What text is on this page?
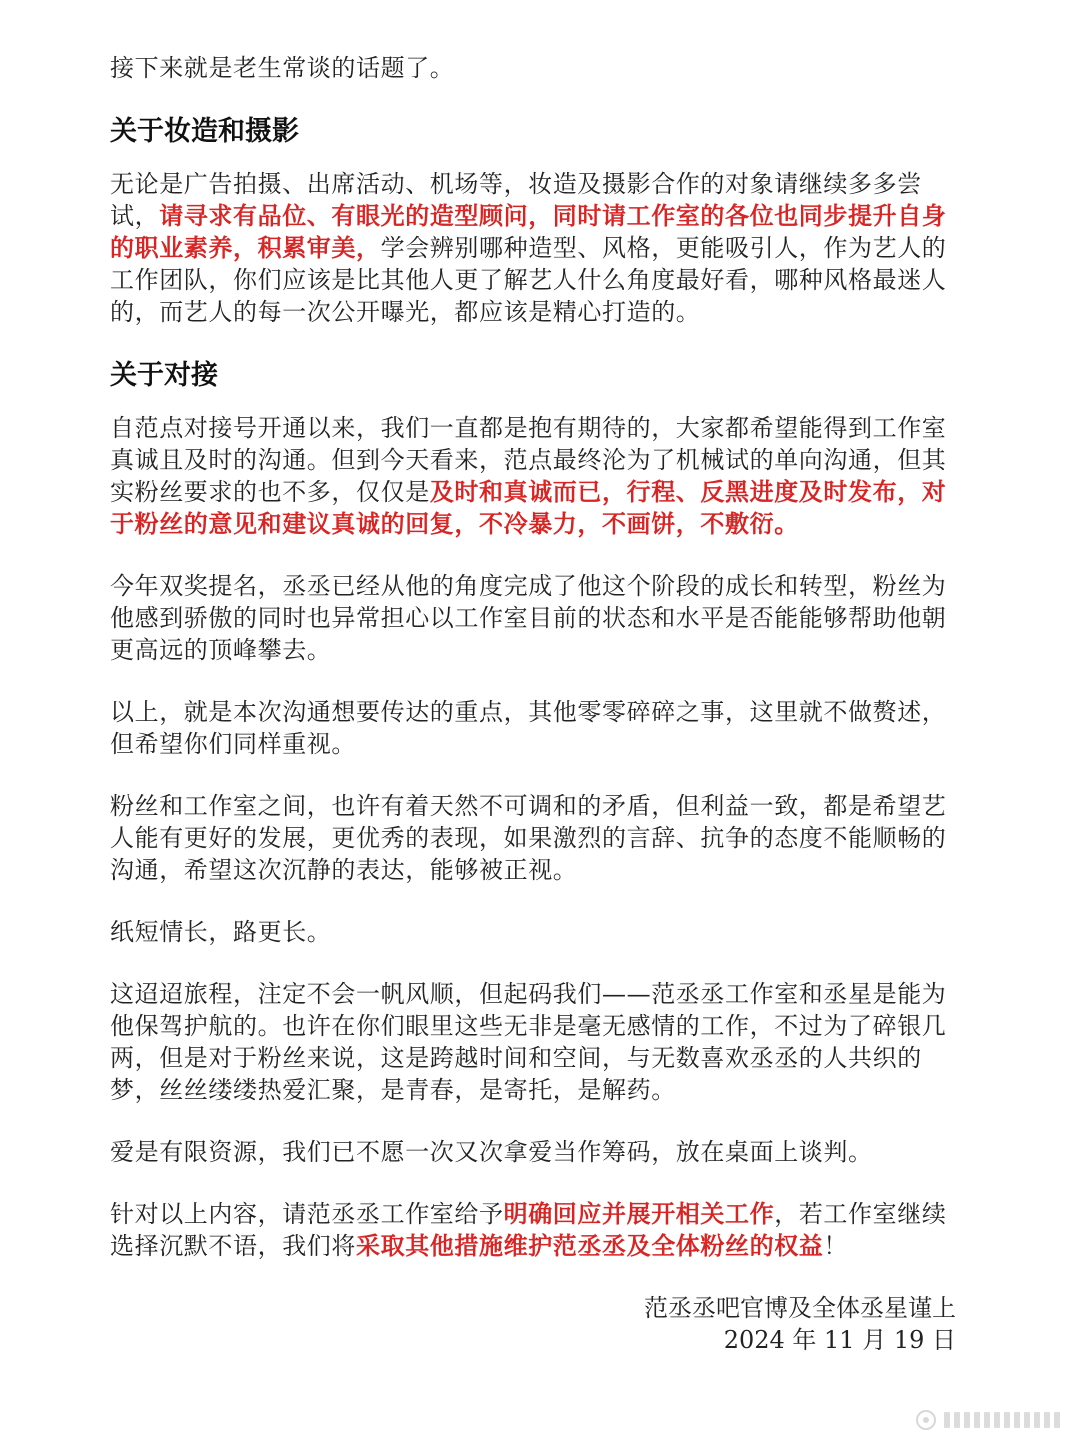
接下来就是老生常谈的话题了。

关于妆造和摄影

无论是广告拍摄、出席活动、机场等，妆造及摄影合作的对象请继续多多尝试，请寻求有品位、有眼光的造型顾问，同时请工作室的各位也同步提升自身的职业素养，积累审美，学会辨别哪种造型、风格，更能吸引人，作为艺人的工作团队，你们应该是比其他人更了解艺人什么角度最好看，哪种风格最迷人的，而艺人的每一次公开曝光，都应该是精心打造的。

关于对接

自范点对接号开通以来，我们一直都是抱有期待的，大家都希望能得到工作室真诚且及时的沟通。但到今天看来，范点最终沦为了机械试的单向沟通，但其实粉丝要求的也不多，仅仅是及时和真诚而已，行程、反黑进度及时发布，对于粉丝的意见和建议真诚的回复，不冷暴力，不画饼，不敷衍。

今年双奖提名，丞丞已经从他的角度完成了他这个阶段的成长和转型，粉丝为他感到骄傲的同时也异常担心以工作室目前的状态和水平是否能能够帮助他朝更高远的顶峰攀去。

以上，就是本次沟通想要传达的重点，其他零零碎碎之事，这里就不做赘述，但希望你们同样重视。

粉丝和工作室之间，也许有着天然不可调和的矛盾，但利益一致，都是希望艺人能有更好的发展，更优秀的表现，如果激烈的言辞、抗争的态度不能顺畅的沟通，希望这次沉静的表达，能够被正视。

纸短情长，路更长。

这迢迢旅程，注定不会一帆风顺，但起码我们——范丞丞工作室和丞星是能为他保驾护航的。也许在你们眼里这些无非是毫无感情的工作，不过为了碎银几两，但是对于粉丝来说，这是跨越时间和空间，与无数喜欢丞丞的人共织的梦，丝丝缕缕热爱汇聚，是青春，是寄托，是解药。

爱是有限资源，我们已不愿一次又次拿爱当作筹码，放在桌面上谈判。

针对以上内容，请范丞丞工作室给予明确回应并展开相关工作，若工作室继续选择沉默不语，我们将采取其他措施维护范丞丞及全体粉丝的权益！

范丞丞吧官博及全体丞星谨上
2024 年 11 月 19 日
